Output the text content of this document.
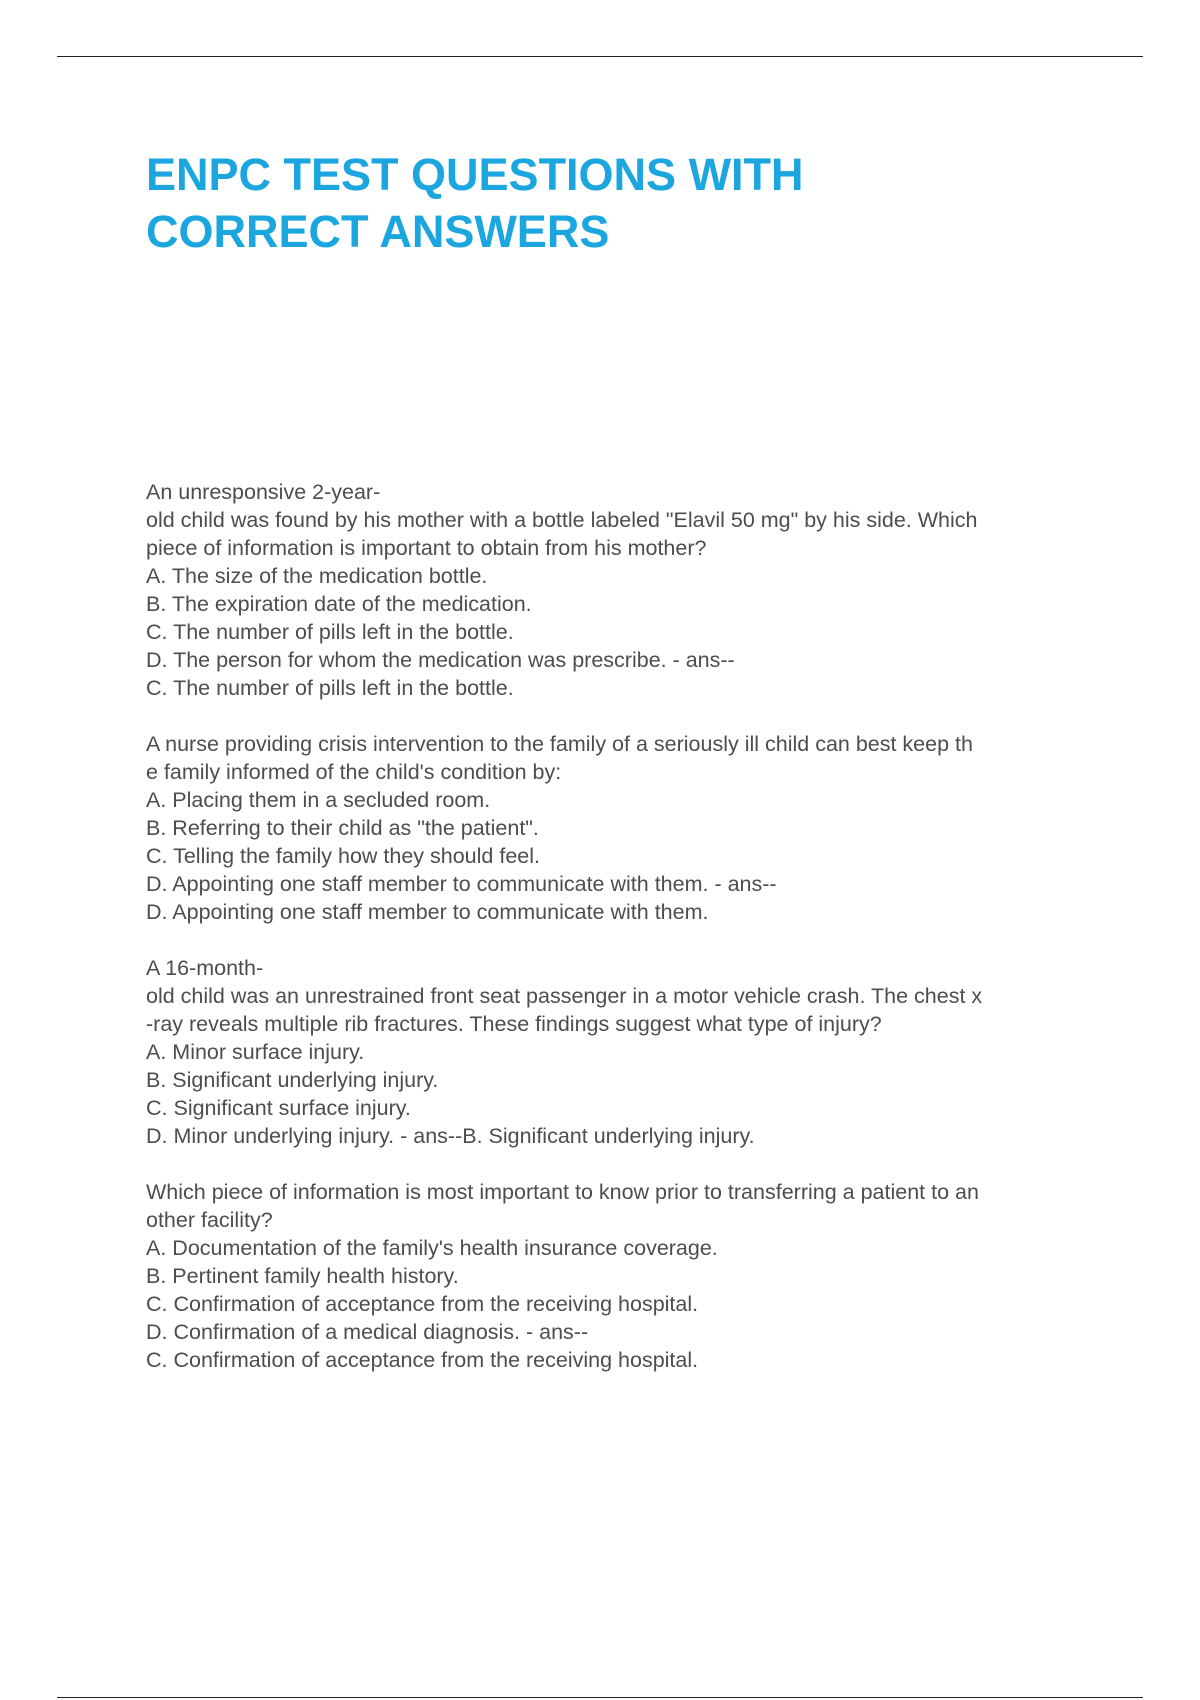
ENPC TEST QUESTIONS WITH
CORRECT ANSWERS
An unresponsive 2-year-
old child was found by his mother with a bottle labeled "Elavil 50 mg" by his side. Which
piece of information is important to obtain from his mother?
A. The size of the medication bottle.
B. The expiration date of the medication.
C. The number of pills left in the bottle.
D. The person for whom the medication was prescribe. - ans--
C. The number of pills left in the bottle.
A nurse providing crisis intervention to the family of a seriously ill child can best keep th
e family informed of the child's condition by:
A. Placing them in a secluded room.
B. Referring to their child as "the patient".
C. Telling the family how they should feel.
D. Appointing one staff member to communicate with them. - ans--
D. Appointing one staff member to communicate with them.
A 16-month-
old child was an unrestrained front seat passenger in a motor vehicle crash. The chest x
-ray reveals multiple rib fractures. These findings suggest what type of injury?
A. Minor surface injury.
B. Significant underlying injury.
C. Significant surface injury.
D. Minor underlying injury. - ans--B. Significant underlying injury.
Which piece of information is most important to know prior to transferring a patient to an
other facility?
A. Documentation of the family's health insurance coverage.
B. Pertinent family health history.
C. Confirmation of acceptance from the receiving hospital.
D. Confirmation of a medical diagnosis. - ans--
C. Confirmation of acceptance from the receiving hospital.
